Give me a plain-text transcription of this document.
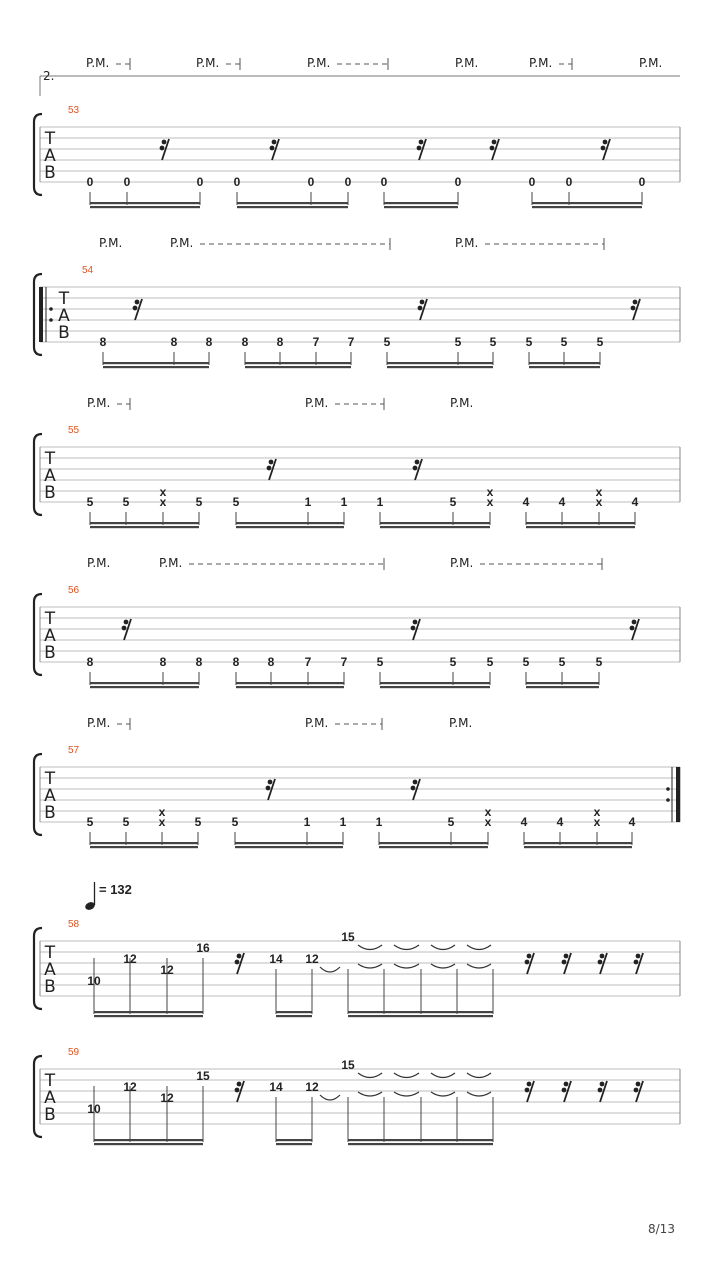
2.
P.M.	P.M.	P.M.	P.M.	P.M.	P.M.
T
A
B
53
0	0	0	0	0	0 0	0	0	0	0
P.M.	P.M.	P.M.
T
A
B
54
8	8 8 8 8 7 7 5	5 5 5 5 5
P.M.	P.M.	P.M.
T
A
B
55
5 5
x
x 5	5	1 1 1	5
x
x 4 4
x
x 4
P.M.	P.M.	P.M.
T
A
B
56
8	8 8	8 8	7 7 5	5	5 5 5	5
P.M.	P.M.	P.M.
T
A
B
57
5 5
x
x 5	5	1 1 1	5
x
x 4 4
x
x 4
= 132
T
A
B
58
10
12
12
16
14 12
15
T
A
B
59
10
12
12
15
14 12
15
8/13
